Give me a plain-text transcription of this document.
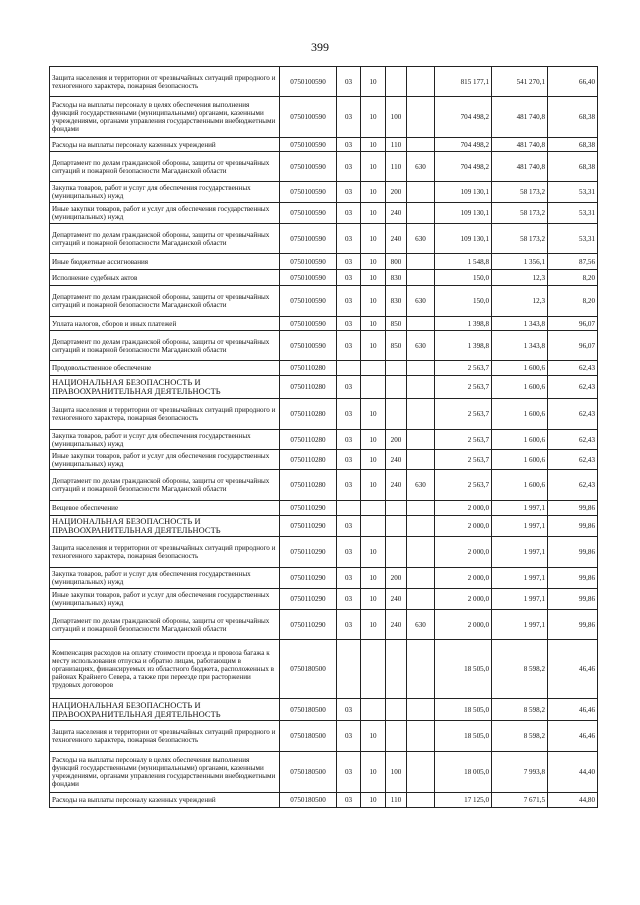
399
Защита населения и территории от чрезвычайных ситуаций природного и техногенного характера, пожарная безопасность	0750100590	03	10			815 177,1	541 270,1	66,40
Расходы на выплаты персоналу в целях обеспечения выполнения функций государственными (муниципальными) органами, казенными учреждениями, органами управления государственными внебюджетными фондами	0750100590	03	10	100		704 498,2	481 740,8	68,38
Расходы на выплаты персоналу казенных учреждений	0750100590	03	10	110		704 498,2	481 740,8	68,38
Департамент по делам гражданской обороны, защиты от чрезвычайных ситуаций и пожарной безопасности Магаданской области	0750100590	03	10	110	630	704 498,2	481 740,8	68,38
Закупка товаров, работ и услуг для обеспечения государственных (муниципальных) нужд	0750100590	03	10	200		109 130,1	58 173,2	53,31
Иные закупки товаров, работ и услуг для обеспечения государственных (муниципальных) нужд	0750100590	03	10	240		109 130,1	58 173,2	53,31
Департамент по делам гражданской обороны, защиты от чрезвычайных ситуаций и пожарной безопасности Магаданской области	0750100590	03	10	240	630	109 130,1	58 173,2	53,31
Иные бюджетные ассигнования	0750100590	03	10	800		1 548,8	1 356,1	87,56
Исполнение судебных актов	0750100590	03	10	830		150,0	12,3	8,20
Департамент по делам гражданской обороны, защиты от чрезвычайных ситуаций и пожарной безопасности Магаданской области	0750100590	03	10	830	630	150,0	12,3	8,20
Уплата налогов, сборов и иных платежей	0750100590	03	10	850		1 398,8	1 343,8	96,07
Департамент по делам гражданской обороны, защиты от чрезвычайных ситуаций и пожарной безопасности Магаданской области	0750100590	03	10	850	630	1 398,8	1 343,8	96,07
Продовольственное обеспечение	0750110280					2 563,7	1 600,6	62,43
НАЦИОНАЛЬНАЯ БЕЗОПАСНОСТЬ И ПРАВООХРАНИТЕЛЬНАЯ ДЕЯТЕЛЬНОСТЬ	0750110280	03				2 563,7	1 600,6	62,43
Защита населения и территории от чрезвычайных ситуаций природного и техногенного характера, пожарная безопасность	0750110280	03	10			2 563,7	1 600,6	62,43
Закупка товаров, работ и услуг для обеспечения государственных (муниципальных) нужд	0750110280	03	10	200		2 563,7	1 600,6	62,43
Иные закупки товаров, работ и услуг для обеспечения государственных (муниципальных) нужд	0750110280	03	10	240		2 563,7	1 600,6	62,43
Департамент по делам гражданской обороны, защиты от чрезвычайных ситуаций и пожарной безопасности Магаданской области	0750110280	03	10	240	630	2 563,7	1 600,6	62,43
Вещевое обеспечение	0750110290					2 000,0	1 997,1	99,86
НАЦИОНАЛЬНАЯ БЕЗОПАСНОСТЬ И ПРАВООХРАНИТЕЛЬНАЯ ДЕЯТЕЛЬНОСТЬ	0750110290	03				2 000,0	1 997,1	99,86
Защита населения и территории от чрезвычайных ситуаций природного и техногенного характера, пожарная безопасность	0750110290	03	10			2 000,0	1 997,1	99,86
Закупка товаров, работ и услуг для обеспечения государственных (муниципальных) нужд	0750110290	03	10	200		2 000,0	1 997,1	99,86
Иные закупки товаров, работ и услуг для обеспечения государственных (муниципальных) нужд	0750110290	03	10	240		2 000,0	1 997,1	99,86
Департамент по делам гражданской обороны, защиты от чрезвычайных ситуаций и пожарной безопасности Магаданской области	0750110290	03	10	240	630	2 000,0	1 997,1	99,86
Компенсация расходов на оплату стоимости проезда и провоза багажа к месту использования отпуска и обратно лицам, работающим в организациях, финансируемых из областного бюджета, расположенных в районах Крайнего Севера, а также при переезде при расторжении трудовых договоров	0750180500					18 505,0	8 598,2	46,46
НАЦИОНАЛЬНАЯ БЕЗОПАСНОСТЬ И ПРАВООХРАНИТЕЛЬНАЯ ДЕЯТЕЛЬНОСТЬ	0750180500	03				18 505,0	8 598,2	46,46
Защита населения и территории от чрезвычайных ситуаций природного и техногенного характера, пожарная безопасность	0750180500	03	10			18 505,0	8 598,2	46,46
Расходы на выплаты персоналу в целях обеспечения выполнения функций государственными (муниципальными) органами, казенными учреждениями, органами управления государственными внебюджетными фондами	0750180500	03	10	100		18 005,0	7 993,8	44,40
Расходы на выплаты персоналу казенных учреждений	0750180500	03	10	110		17 125,0	7 671,5	44,80
